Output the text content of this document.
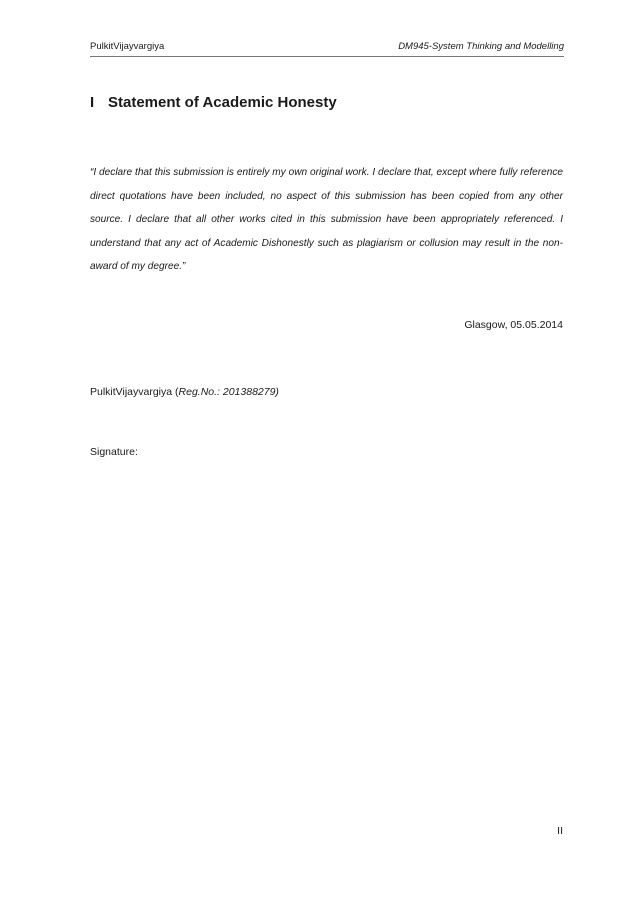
PulkitVijayvargiya	DM945-System Thinking and Modelling
I Statement of Academic Honesty
“I declare that this submission is entirely my own original work. I declare that, except where fully reference direct quotations have been included, no aspect of this submission has been copied from any other source. I declare that all other works cited in this submission have been appropriately referenced. I understand that any act of Academic Dishonestly such as plagiarism or collusion may result in the non-award of my degree.”
Glasgow, 05.05.2014
PulkitVijayvargiya (Reg.No.: 201388279)
Signature:
II
